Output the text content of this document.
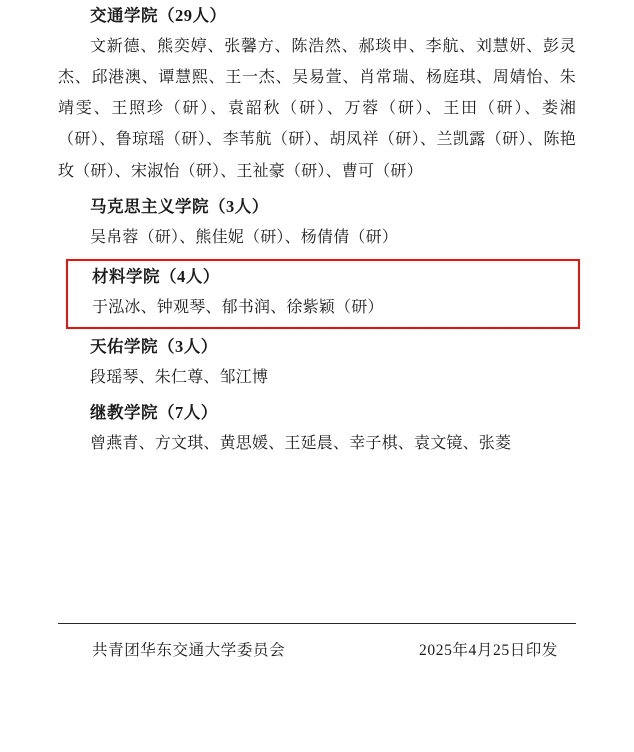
交通学院（29人）
文新德、熊奕婷、张馨方、陈浩然、郝琰申、李航、刘慧妍、彭灵杰、邱港澳、谭慧熙、王一杰、吴易萱、肖常瑞、杨庭琪、周婧怡、朱靖雯、王照珍（研）、袁韶秋（研）、万蓉（研）、王田（研）、娄湘（研）、鲁琼瑶（研）、李苇航（研）、胡凤祥（研）、兰凯露（研）、陈艳玫（研）、宋淑怡（研）、王祉豪（研）、曹可（研）
马克思主义学院（3人）
吴帛蓉（研）、熊佳妮（研）、杨倩倩（研）
材料学院（4人）
于泓冰、钟观琴、郁书润、徐紫颖（研）
天佑学院（3人）
段瑶琴、朱仁尊、邹江博
继教学院（7人）
曾燕青、方文琪、黄思媛、王延晨、幸子棋、袁文镜、张菱
共青团华东交通大学委员会	2025年4月25日印发
